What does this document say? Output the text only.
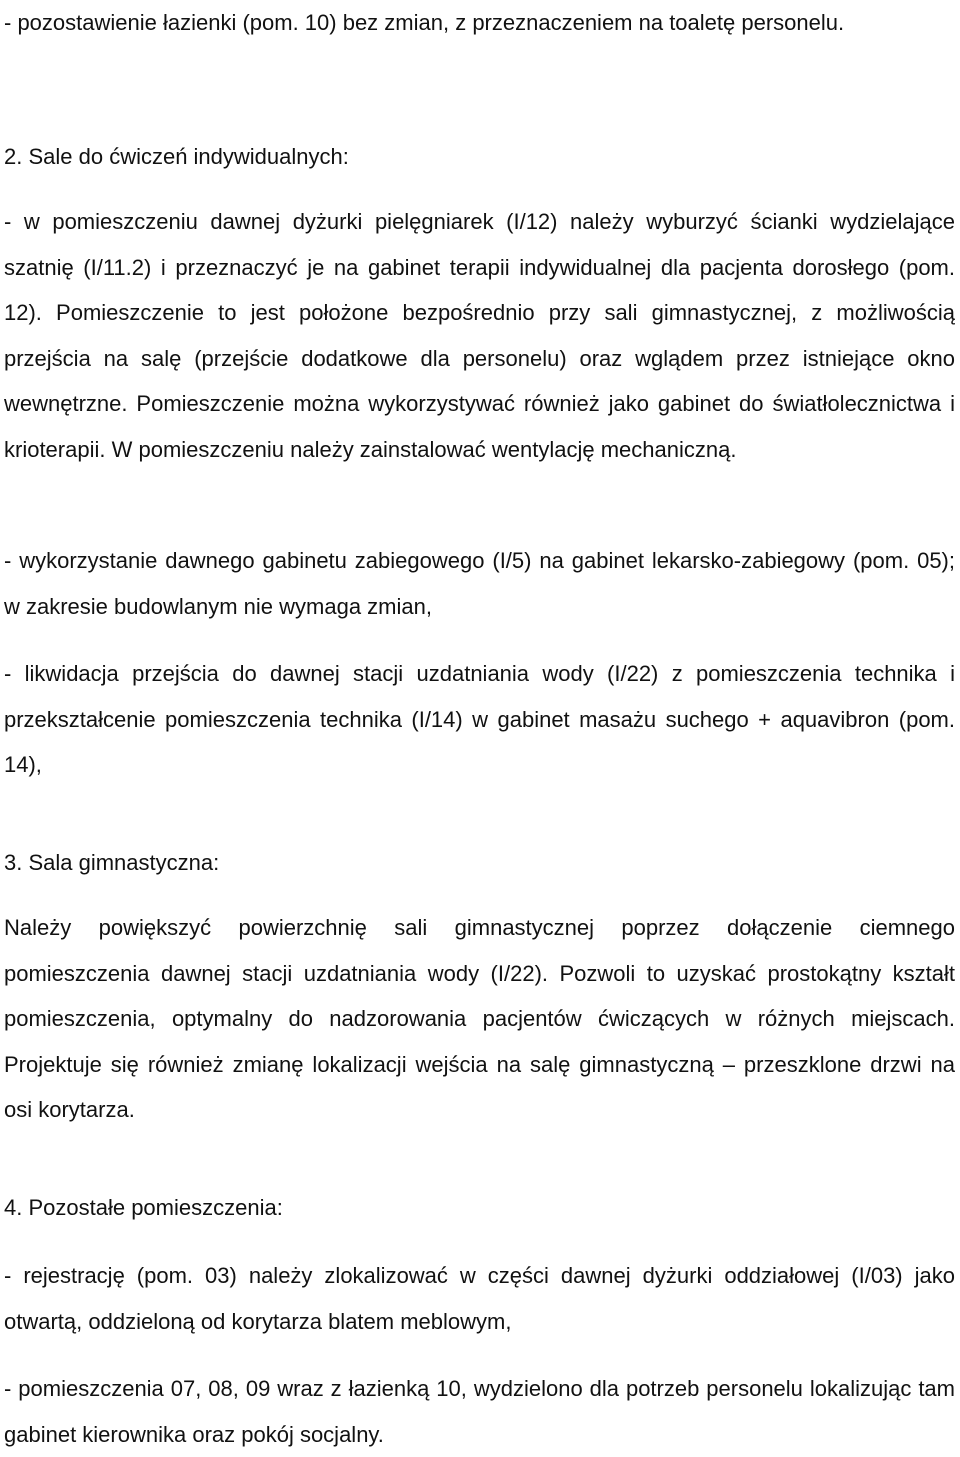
- pozostawienie łazienki (pom. 10) bez zmian, z przeznaczeniem na toaletę personelu.

2. Sale do ćwiczeń indywidualnych:

- w pomieszczeniu dawnej dyżurki pielęgniarek (I/12) należy wyburzyć ścianki wydzielające szatnię (I/11.2) i przeznaczyć je na gabinet terapii indywidualnej dla pacjenta dorosłego (pom. 12). Pomieszczenie to jest położone bezpośrednio przy sali gimnastycznej, z możliwością przejścia na salę (przejście dodatkowe dla personelu) oraz wglądem przez istniejące okno wewnętrzne. Pomieszczenie można wykorzystywać również jako gabinet do światłolecznictwa i krioterapii. W pomieszczeniu należy zainstalować wentylację mechaniczną.

- wykorzystanie dawnego gabinetu zabiegowego (I/5) na gabinet lekarsko-zabiegowy (pom. 05); w zakresie budowlanym nie wymaga zmian,

- likwidacja przejścia do dawnej stacji uzdatniania wody (I/22) z pomieszczenia technika i przekształcenie pomieszczenia technika (I/14) w gabinet masażu suchego + aquavibron (pom. 14),

3. Sala gimnastyczna:

Należy powiększyć powierzchnię sali gimnastycznej poprzez dołączenie ciemnego pomieszczenia dawnej stacji uzdatniania wody (I/22). Pozwoli to uzyskać prostokątny kształt pomieszczenia, optymalny do nadzorowania pacjentów ćwiczących w różnych miejscach. Projektuje się również zmianę lokalizacji wejścia na salę gimnastyczną – przeszklone drzwi na osi korytarza.

4. Pozostałe pomieszczenia:

- rejestrację (pom. 03) należy zlokalizować w części dawnej dyżurki oddziałowej (I/03) jako otwartą, oddzieloną od korytarza blatem meblowym,

- pomieszczenia 07, 08, 09 wraz z łazienką 10, wydzielono dla potrzeb personelu lokalizując tam gabinet kierownika oraz pokój socjalny.
